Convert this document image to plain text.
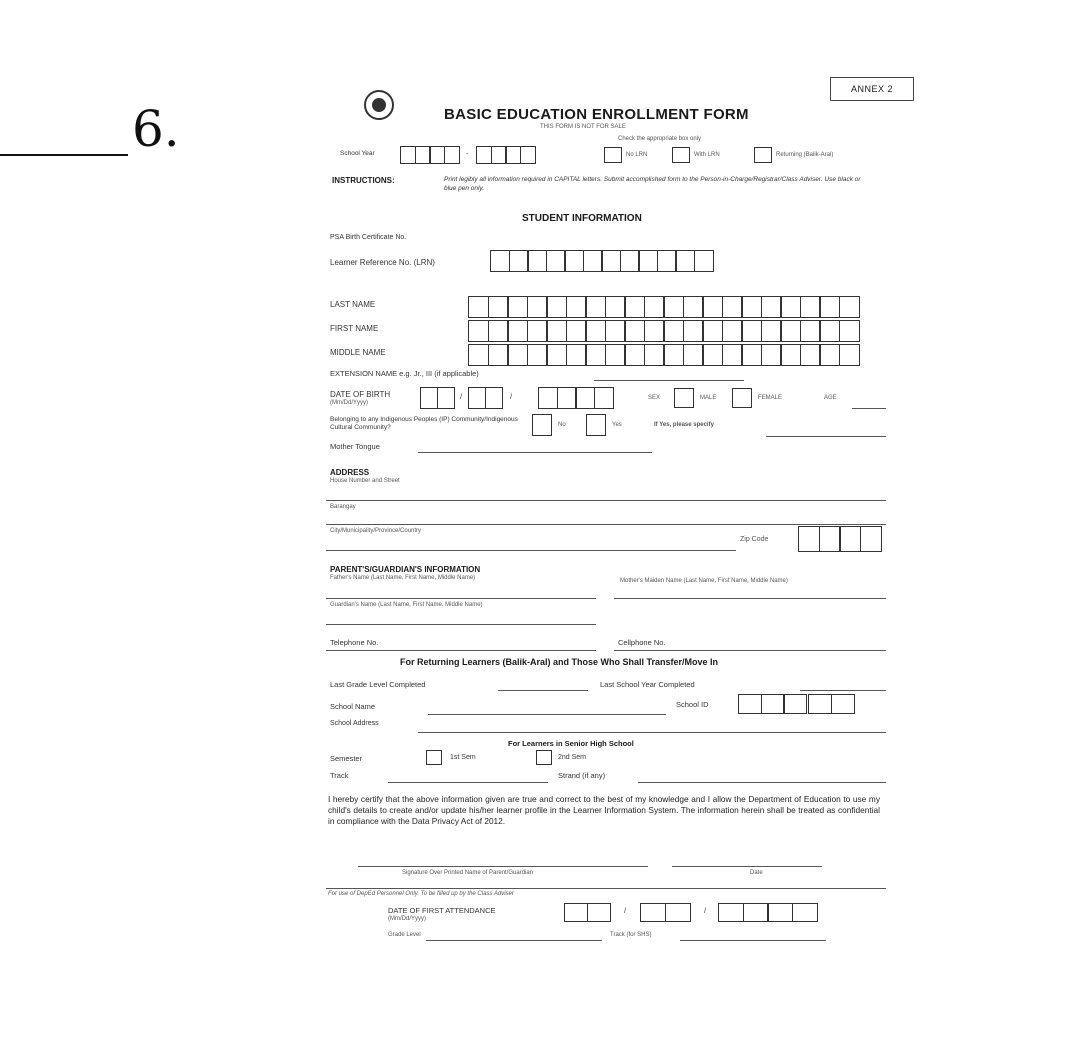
6.
ANNEX 2
BASIC EDUCATION ENROLLMENT FORM
THIS FORM IS NOT FOR SALE
Check the appropriate box only
School Year	-	No LRN	With LRN	Returning (Balik-Aral)
INSTRUCTIONS:	Print legibly all information required in CAPITAL letters. Submit accomplished form to the Person-in-Charge/Registrar/Class Adviser. Use black or blue pen only.
STUDENT INFORMATION
PSA Birth Certificate No.
Learner Reference No. (LRN)
LAST NAME
FIRST NAME
MIDDLE NAME
EXTENSION NAME e.g. Jr., III (if applicable)
DATE OF BIRTH
(Mm/Dd/Yyyy)
/	/	SEX	MALE	FEMALE	AGE
Belonging to any Indigenous Peoples (IP) Community/Indigenous Cultural Community?	No	Yes	If Yes, please specify
Mother Tongue
ADDRESS
House Number and Street
Barangay
City/Municipality/Province/Country
Zip Code
PARENT'S/GUARDIAN'S INFORMATION
Father's Name (Last Name, First Name, Middle Name)	Mother's Maiden Name (Last Name, First Name, Middle Name)
Guardian's Name (Last Name, First Name, Middle Name)
Telephone No.	Cellphone No.
For Returning Learners (Balik-Aral) and Those Who Shall Transfer/Move In
Last Grade Level Completed	Last School Year Completed
School Name	School ID
School Address
For Learners in Senior High School
Semester	1st Sem	2nd Sem
Track	Strand (if any)
I hereby certify that the above information given are true and correct to the best of my knowledge and I allow the Department of Education to use my child's details to create and/or update his/her learner profile in the Learner Information System. The information herein shall be treated as confidential in compliance with the Data Privacy Act of 2012.
Signature Over Printed Name of Parent/Guardian	Date
For use of DepEd Personnel Only. To be filled up by the Class Adviser
DATE OF FIRST ATTENDANCE
(Mm/Dd/Yyyy)
/	/
Grade Level	Track (for SHS)
